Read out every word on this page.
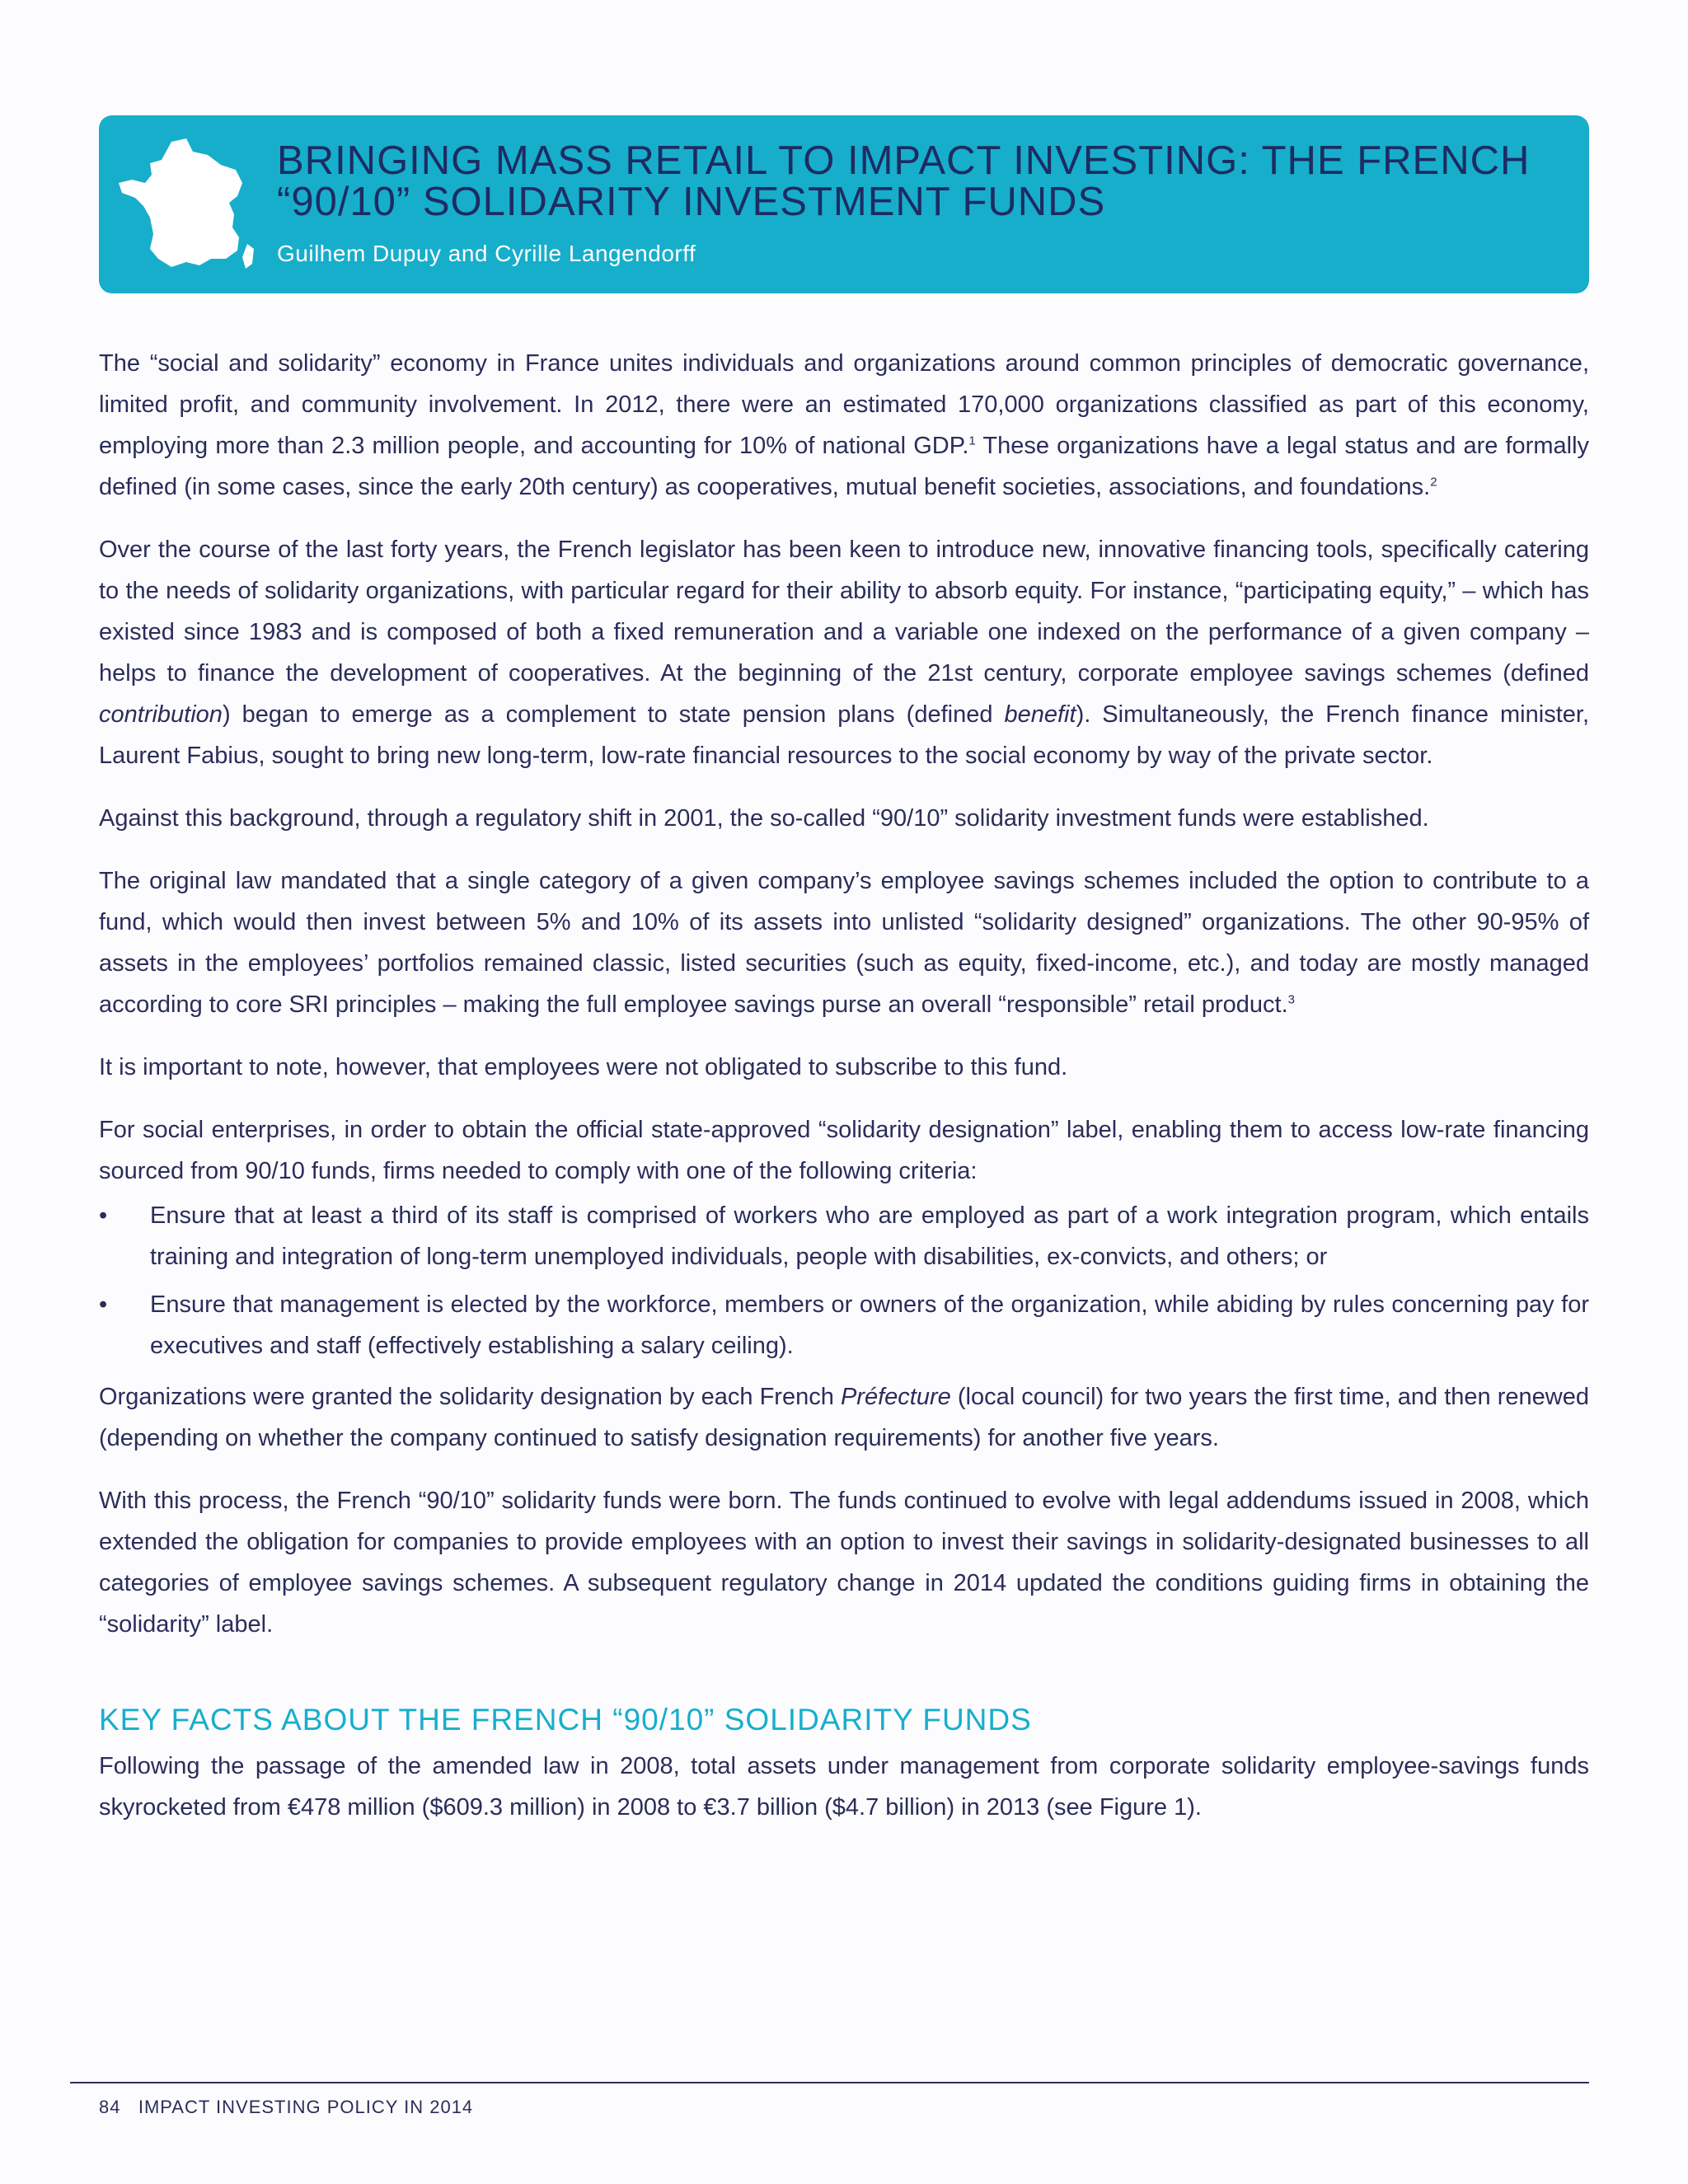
BRINGING MASS RETAIL TO IMPACT INVESTING: THE FRENCH “90/10” SOLIDARITY INVESTMENT FUNDS
Guilhem Dupuy and Cyrille Langendorff

The “social and solidarity” economy in France unites individuals and organizations around common principles of democratic governance, limited profit, and community involvement. In 2012, there were an estimated 170,000 organizations classified as part of this economy, employing more than 2.3 million people, and accounting for 10% of national GDP.$^1$ These organizations have a legal status and are formally defined (in some cases, since the early 20th century) as cooperatives, mutual benefit societies, associations, and foundations.$^2$

Over the course of the last forty years, the French legislator has been keen to introduce new, innovative financing tools, specifically catering to the needs of solidarity organizations, with particular regard for their ability to absorb equity. For instance, “participating equity,” – which has existed since 1983 and is composed of both a fixed remuneration and a variable one indexed on the performance of a given company – helps to finance the development of cooperatives. At the beginning of the 21st century, corporate employee savings schemes (defined contribution) began to emerge as a complement to state pension plans (defined benefit). Simultaneously, the French finance minister, Laurent Fabius, sought to bring new long-term, low-rate financial resources to the social economy by way of the private sector.

Against this background, through a regulatory shift in 2001, the so-called “90/10” solidarity investment funds were established.

The original law mandated that a single category of a given company’s employee savings schemes included the option to contribute to a fund, which would then invest between 5% and 10% of its assets into unlisted “solidarity designed” organizations. The other 90-95% of assets in the employees’ portfolios remained classic, listed securities (such as equity, fixed-income, etc.), and today are mostly managed according to core SRI principles – making the full employee savings purse an overall “responsible” retail product.$^3$

It is important to note, however, that employees were not obligated to subscribe to this fund.

For social enterprises, in order to obtain the official state-approved “solidarity designation” label, enabling them to access low-rate financing sourced from 90/10 funds, firms needed to comply with one of the following criteria:

• Ensure that at least a third of its staff is comprised of workers who are employed as part of a work integration program, which entails training and integration of long-term unemployed individuals, people with disabilities, ex-convicts, and others; or
• Ensure that management is elected by the workforce, members or owners of the organization, while abiding by rules concerning pay for executives and staff (effectively establishing a salary ceiling).

Organizations were granted the solidarity designation by each French Préfecture (local council) for two years the first time, and then renewed (depending on whether the company continued to satisfy designation requirements) for another five years.

With this process, the French “90/10” solidarity funds were born. The funds continued to evolve with legal addendums issued in 2008, which extended the obligation for companies to provide employees with an option to invest their savings in solidarity-designated businesses to all categories of employee savings schemes. A subsequent regulatory change in 2014 updated the conditions guiding firms in obtaining the “solidarity” label.

KEY FACTS ABOUT THE FRENCH “90/10” SOLIDARITY FUNDS

Following the passage of the amended law in 2008, total assets under management from corporate solidarity employee-savings funds skyrocketed from €478 million ($609.3 million) in 2008 to €3.7 billion ($4.7 billion) in 2013 (see Figure 1).

84 IMPACT INVESTING POLICY IN 2014
